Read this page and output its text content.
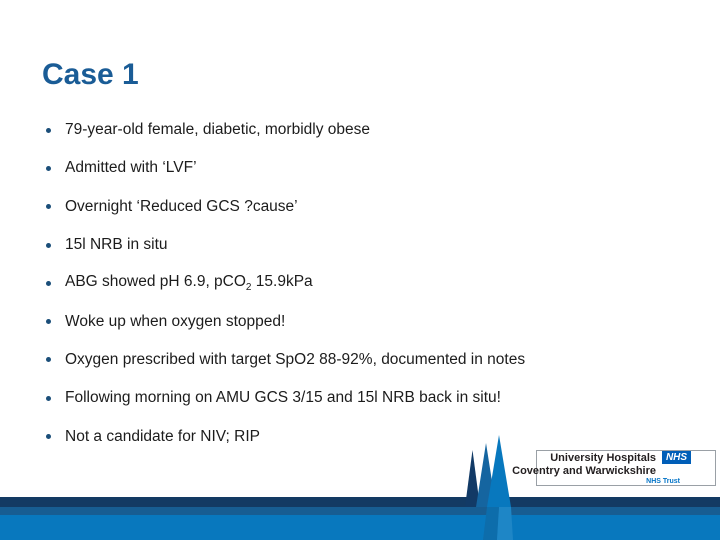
Case 1
79-year-old female, diabetic, morbidly obese
Admitted with ‘LVF’
Overnight ‘Reduced GCS ?cause’
15l NRB in situ
ABG showed pH 6.9, pCO$_2$ 15.9kPa
Woke up when oxygen stopped!
Oxygen prescribed with target SpO2 88-92%, documented in notes
Following morning on AMU GCS 3/15 and 15l NRB back in situ!
Not a candidate for NIV; RIP
University Hospitals
Coventry and Warwickshire
NHS Trust
NHS
